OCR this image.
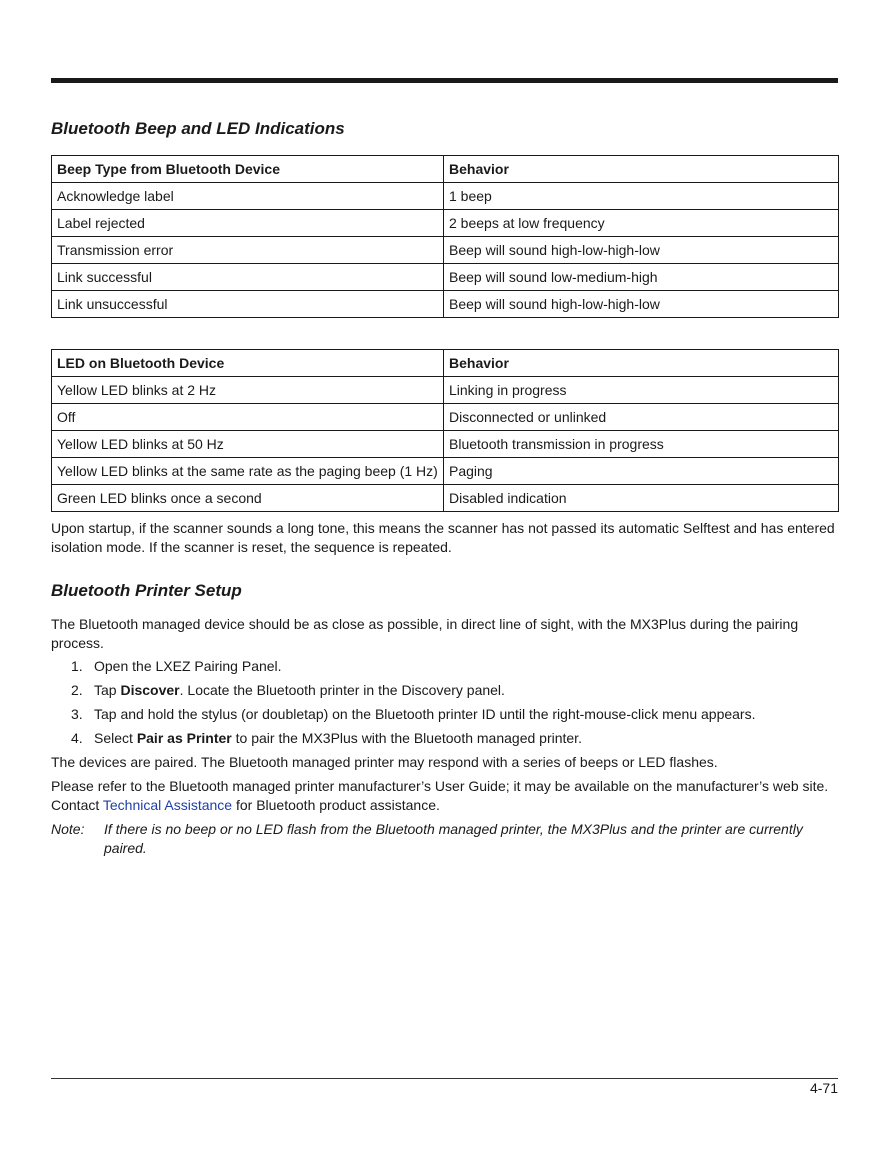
Bluetooth Beep and LED Indications
Beep Type from Bluetooth Device	Behavior
Acknowledge label	1 beep
Label rejected	2 beeps at low frequency
Transmission error	Beep will sound high-low-high-low
Link successful	Beep will sound low-medium-high
Link unsuccessful	Beep will sound high-low-high-low
LED on Bluetooth Device	Behavior
Yellow LED blinks at 2 Hz	Linking in progress
Off	Disconnected or unlinked
Yellow LED blinks at 50 Hz	Bluetooth transmission in progress
Yellow LED blinks at the same rate as the paging beep (1 Hz)	Paging
Green LED blinks once a second	Disabled indication

Upon startup, if the scanner sounds a long tone, this means the scanner has not passed its automatic Selftest and has entered isolation mode. If the scanner is reset, the sequence is repeated.

Bluetooth Printer Setup

The Bluetooth managed device should be as close as possible, in direct line of sight, with the MX3Plus during the pairing process.

1. Open the LXEZ Pairing Panel.
2. Tap Discover. Locate the Bluetooth printer in the Discovery panel.
3. Tap and hold the stylus (or doubletap) on the Bluetooth printer ID until the right-mouse-click menu appears.
4. Select Pair as Printer to pair the MX3Plus with the Bluetooth managed printer.

The devices are paired. The Bluetooth managed printer may respond with a series of beeps or LED flashes.

Please refer to the Bluetooth managed printer manufacturer’s User Guide; it may be available on the manufacturer’s web site. Contact Technical Assistance for Bluetooth product assistance.

Note:	If there is no beep or no LED flash from the Bluetooth managed printer, the MX3Plus and the printer are currently paired.
4-71
